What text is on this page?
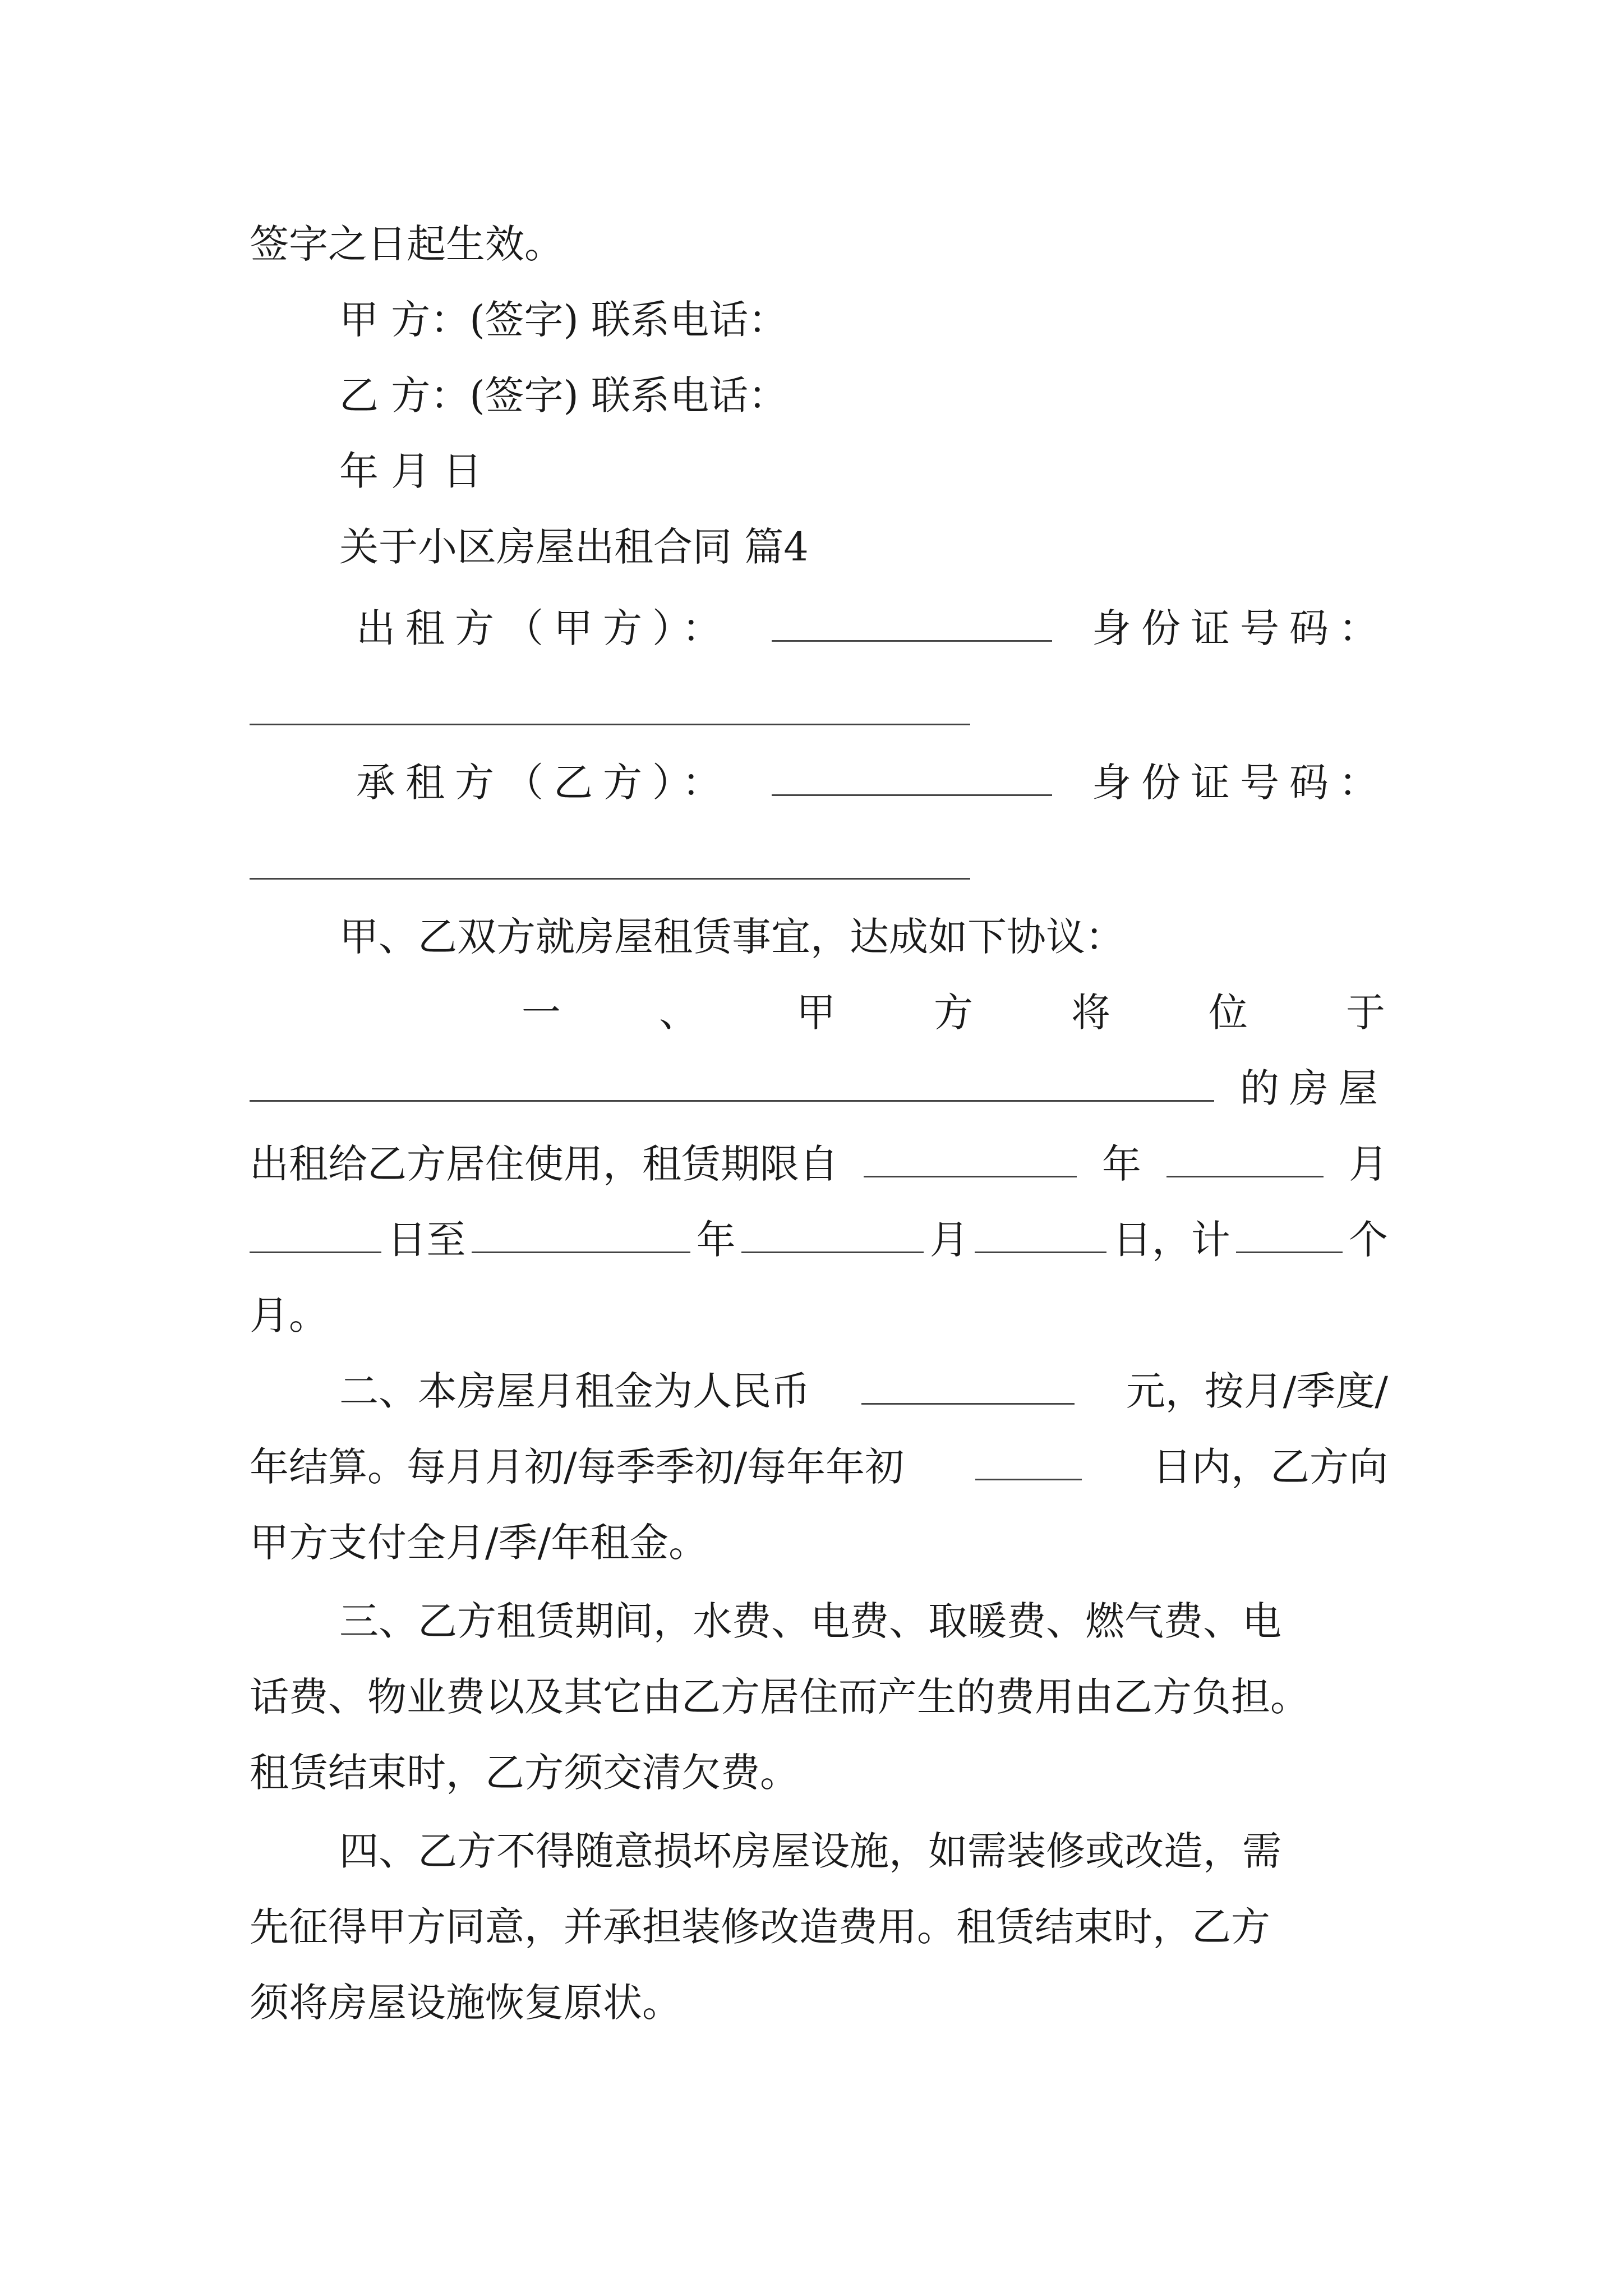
签字之日起生效。
甲 方：(签字) 联系电话：
乙 方：(签字) 联系电话：
年 月 日
关于小区房屋出租合同 篇4
出租方（甲方）：	身份证号码：
承租方（乙方）：	身份证号码：
甲、乙双方就房屋租赁事宜，达成如下协议：
一	、	甲	方	将	位	于
的房屋
出租给乙方居住使用，租赁期限自	年	月
日至	年	月	日，计	个
月。
二、本房屋月租金为人民币	元，按月/季度/
年结算。每月月初/每季季初/每年年初	日内，乙方向
甲方支付全月/季/年租金。
三、乙方租赁期间，水费、电费、取暖费、燃气费、电
话费、物业费以及其它由乙方居住而产生的费用由乙方负担。
租赁结束时，乙方须交清欠费。
四、乙方不得随意损坏房屋设施，如需装修或改造，需
先征得甲方同意，并承担装修改造费用。租赁结束时，乙方
须将房屋设施恢复原状。
